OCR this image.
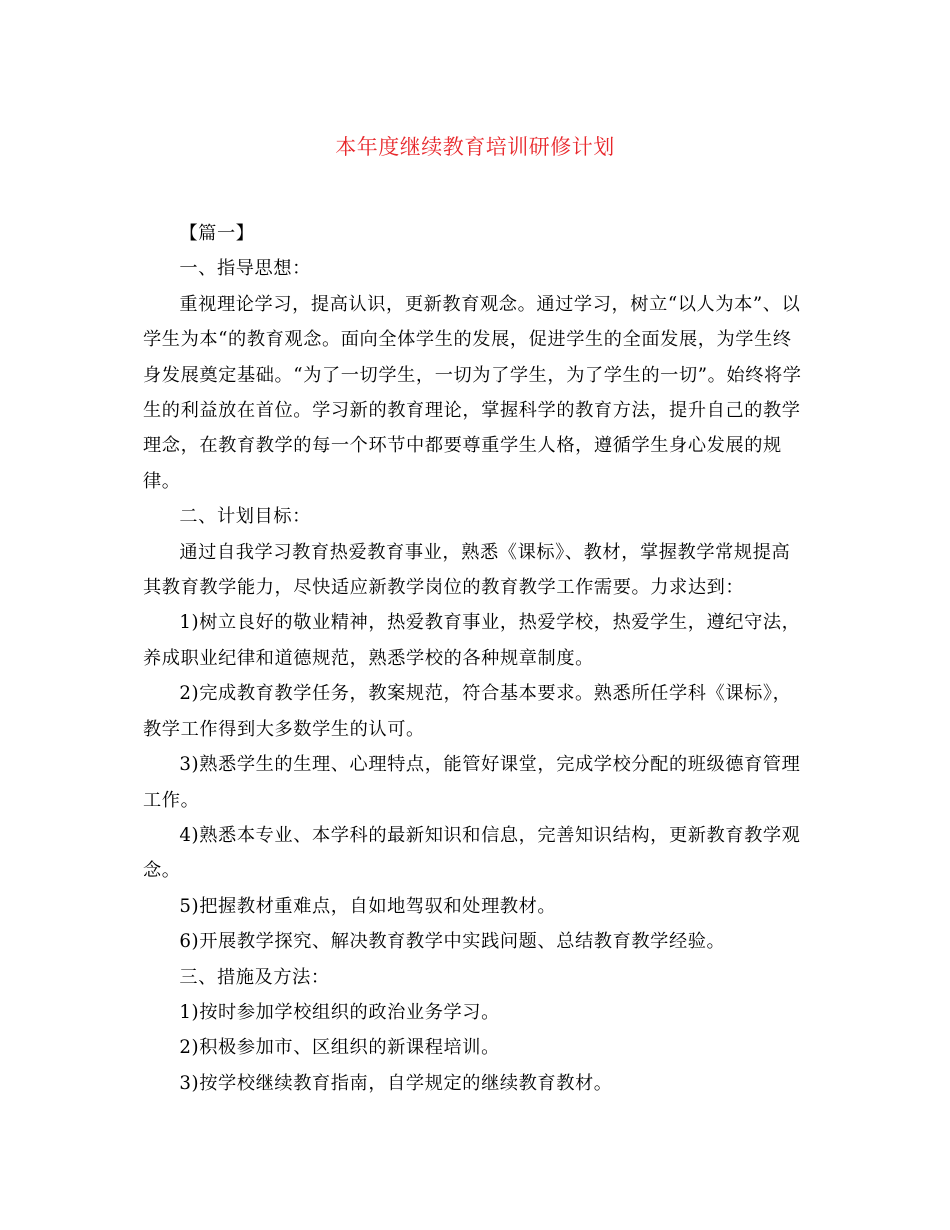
本年度继续教育培训研修计划

【篇一】

一、指导思想：

重视理论学习，提高认识，更新教育观念。通过学习，树立“以人为本”、以学生为本“的教育观念。面向全体学生的发展，促进学生的全面发展，为学生终身发展奠定基础。“为了一切学生，一切为了学生，为了学生的一切”。始终将学生的利益放在首位。学习新的教育理论，掌握科学的教育方法，提升自己的教学理念，在教育教学的每一个环节中都要尊重学生人格，遵循学生身心发展的规律。

二、计划目标：

通过自我学习教育热爱教育事业，熟悉《课标》、教材，掌握教学常规提高其教育教学能力，尽快适应新教学岗位的教育教学工作需要。力求达到：

1)树立良好的敬业精神，热爱教育事业，热爱学校，热爱学生，遵纪守法，养成职业纪律和道德规范，熟悉学校的各种规章制度。

2)完成教育教学任务，教案规范，符合基本要求。熟悉所任学科《课标》，教学工作得到大多数学生的认可。

3)熟悉学生的生理、心理特点，能管好课堂，完成学校分配的班级德育管理工作。

4)熟悉本专业、本学科的最新知识和信息，完善知识结构，更新教育教学观念。

5)把握教材重难点，自如地驾驭和处理教材。

6)开展教学探究、解决教育教学中实践问题、总结教育教学经验。

三、措施及方法：

1)按时参加学校组织的政治业务学习。

2)积极参加市、区组织的新课程培训。

3)按学校继续教育指南，自学规定的继续教育教材。
